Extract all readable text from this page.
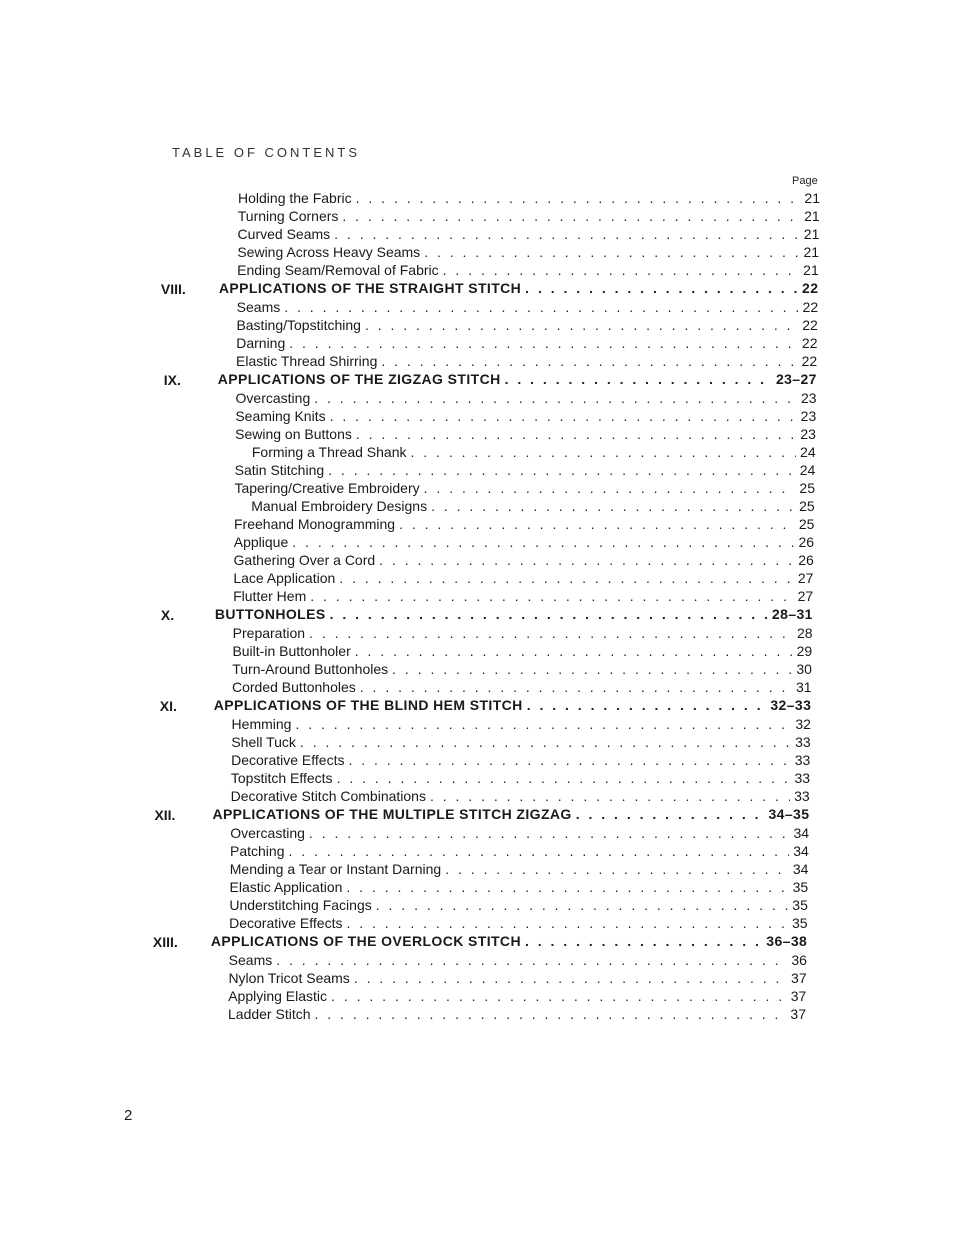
TABLE OF CONTENTS
Page
Holding the Fabric . . .	21
Turning Corners . . .	21
Curved Seams . . .	21
Sewing Across Heavy Seams . . .	21
Ending Seam/Removal of Fabric . . .	21
VIII. APPLICATIONS OF THE STRAIGHT STITCH . . .	22
Seams . . .	22
Basting/Topstitching . . .	22
Darning . . .	22
Elastic Thread Shirring . . .	22
IX.	APPLICATIONS OF THE ZIGZAG STITCH . . .	23–27
Overcasting . . .	23
Seaming Knits . . .	23
Sewing on Buttons . . .	23
Forming a Thread Shank . . .	24
Satin Stitching . . .	24
Tapering/Creative Embroidery . . .	25
Manual Embroidery Designs . . .	25
Freehand Monogramming . . .	25
Applique . . .	26
Gathering Over a Cord . . .	26
Lace Application . . .	27
Flutter Hem . . .	27
X.	BUTTONHOLES . . .	28–31
Preparation . . .	28
Built-in Buttonholer . . .	29
Turn-Around Buttonholes . . .	30
Corded Buttonholes . . .	31
XI.	APPLICATIONS OF THE BLIND HEM STITCH . . .	32–33
Hemming . . .	32
Shell Tuck . . .	33
Decorative Effects . . .	33
Topstitch Effects . . .	33
Decorative Stitch Combinations . . .	33
XII.	APPLICATIONS OF THE MULTIPLE STITCH ZIGZAG . . .	34–35
Overcasting . . .	34
Patching . . .	34
Mending a Tear or Instant Darning . . .	34
Elastic Application . . .	35
Understitching Facings . . .	35
Decorative Effects . . .	35
XIII. APPLICATIONS OF THE OVERLOCK STITCH . . .	36–38
Seams . . .	36
Nylon Tricot Seams . . .	37
Applying Elastic . . .	37
Ladder Stitch . . .	37
2
